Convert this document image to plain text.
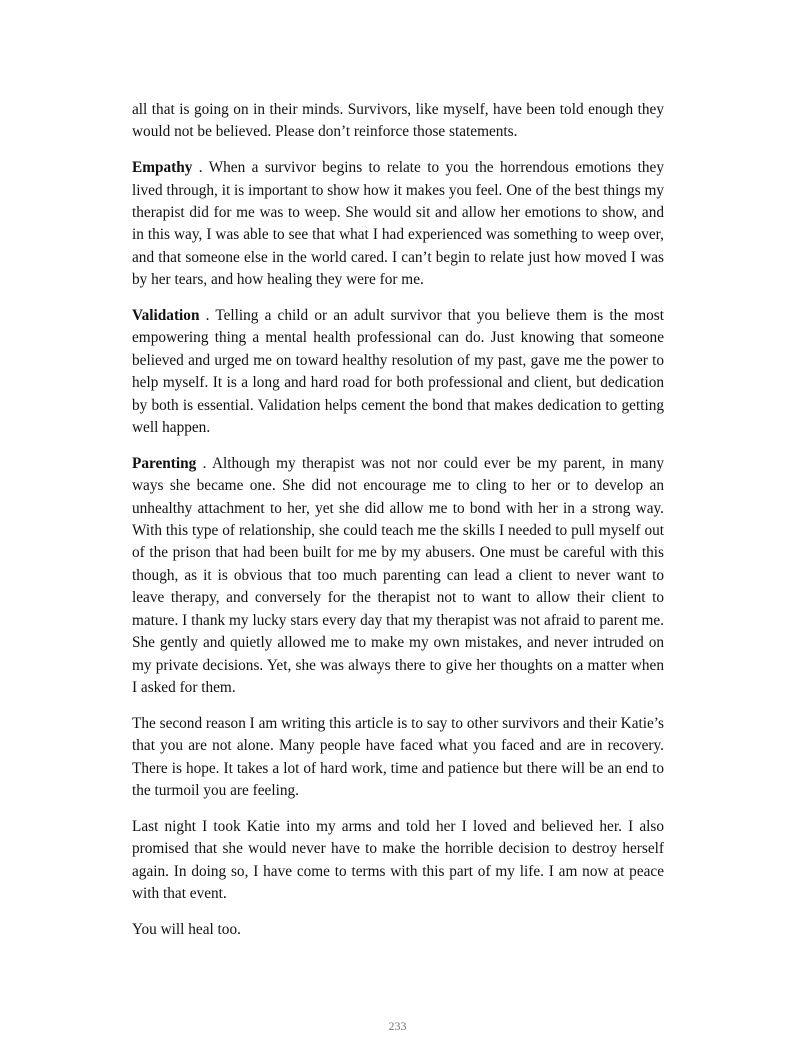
all that is going on in their minds. Survivors, like myself, have been told enough they would not be believed. Please don’t reinforce those statements.

Empathy . When a survivor begins to relate to you the horrendous emotions they lived through, it is important to show how it makes you feel. One of the best things my therapist did for me was to weep. She would sit and allow her emotions to show, and in this way, I was able to see that what I had experienced was something to weep over, and that someone else in the world cared. I can’t begin to relate just how moved I was by her tears, and how healing they were for me.

Validation . Telling a child or an adult survivor that you believe them is the most empowering thing a mental health professional can do. Just knowing that someone believed and urged me on toward healthy resolution of my past, gave me the power to help myself. It is a long and hard road for both professional and client, but dedication by both is essential. Validation helps cement the bond that makes dedication to getting well happen.

Parenting . Although my therapist was not nor could ever be my parent, in many ways she became one. She did not encourage me to cling to her or to develop an unhealthy attachment to her, yet she did allow me to bond with her in a strong way. With this type of relationship, she could teach me the skills I needed to pull myself out of the prison that had been built for me by my abusers. One must be careful with this though, as it is obvious that too much parenting can lead a client to never want to leave therapy, and conversely for the therapist not to want to allow their client to mature. I thank my lucky stars every day that my therapist was not afraid to parent me. She gently and quietly allowed me to make my own mistakes, and never intruded on my private decisions. Yet, she was always there to give her thoughts on a matter when I asked for them.

The second reason I am writing this article is to say to other survivors and their Katie’s that you are not alone. Many people have faced what you faced and are in recovery. There is hope. It takes a lot of hard work, time and patience but there will be an end to the turmoil you are feeling.

Last night I took Katie into my arms and told her I loved and believed her. I also promised that she would never have to make the horrible decision to destroy herself again. In doing so, I have come to terms with this part of my life. I am now at peace with that event.

You will heal too.

233
